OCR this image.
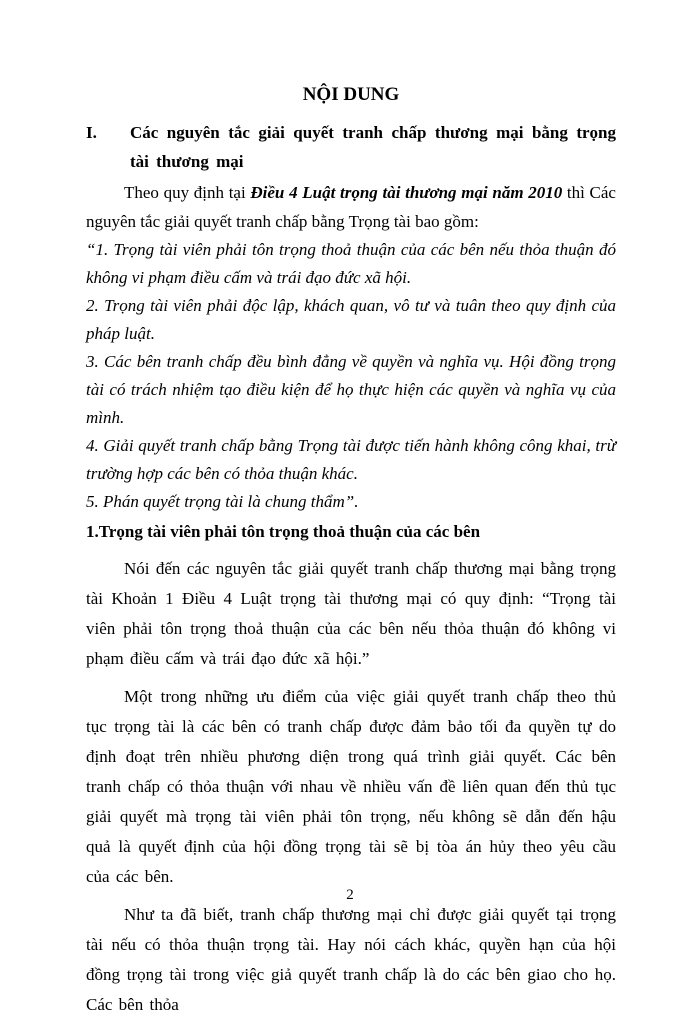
NỘI DUNG
I.	Các nguyên tắc giải quyết tranh chấp thương mại bằng trọng tài thương mại

Theo quy định tại Điều 4 Luật trọng tài thương mại năm 2010 thì Các nguyên tắc giải quyết tranh chấp bằng Trọng tài bao gồm:

“1. Trọng tài viên phải tôn trọng thoả thuận của các bên nếu thỏa thuận đó không vi phạm điều cấm và trái đạo đức xã hội.

2. Trọng tài viên phải độc lập, khách quan, vô tư và tuân theo quy định của pháp luật.

3. Các bên tranh chấp đều bình đẳng về quyền và nghĩa vụ. Hội đồng trọng tài có trách nhiệm tạo điều kiện để họ thực hiện các quyền và nghĩa vụ của mình.

4. Giải quyết tranh chấp bằng Trọng tài được tiến hành không công khai, trừ trường hợp các bên có thỏa thuận khác.

5. Phán quyết trọng tài là chung thẩm”.

1.Trọng tài viên phải tôn trọng thoả thuận của các bên

Nói đến các nguyên tắc giải quyết tranh chấp thương mại bằng trọng tài Khoản 1 Điều 4 Luật trọng tài thương mại có quy định: “Trọng tài viên phải tôn trọng thoả thuận của các bên nếu thỏa thuận đó không vi phạm điều cấm và trái đạo đức xã hội.”

Một trong những ưu điểm của việc giải quyết tranh chấp theo thủ tục trọng tài là các bên có tranh chấp được đảm bảo tối đa quyền tự do định đoạt trên nhiều phương diện trong quá trình giải quyết. Các bên tranh chấp có thỏa thuận với nhau về nhiều vấn đề liên quan đến thủ tục giải quyết mà trọng tài viên phải tôn trọng, nếu không sẽ dẫn đến hậu quả là quyết định của hội đồng trọng tài sẽ bị tòa án hủy theo yêu cầu của các bên.

Như ta đã biết, tranh chấp thương mại chỉ được giải quyết tại trọng tài nếu có thỏa thuận trọng tài. Hay nói cách khác, quyền hạn của hội đồng trọng tài trong việc giả quyết tranh chấp là do các bên giao cho họ. Các bên thỏa

2
